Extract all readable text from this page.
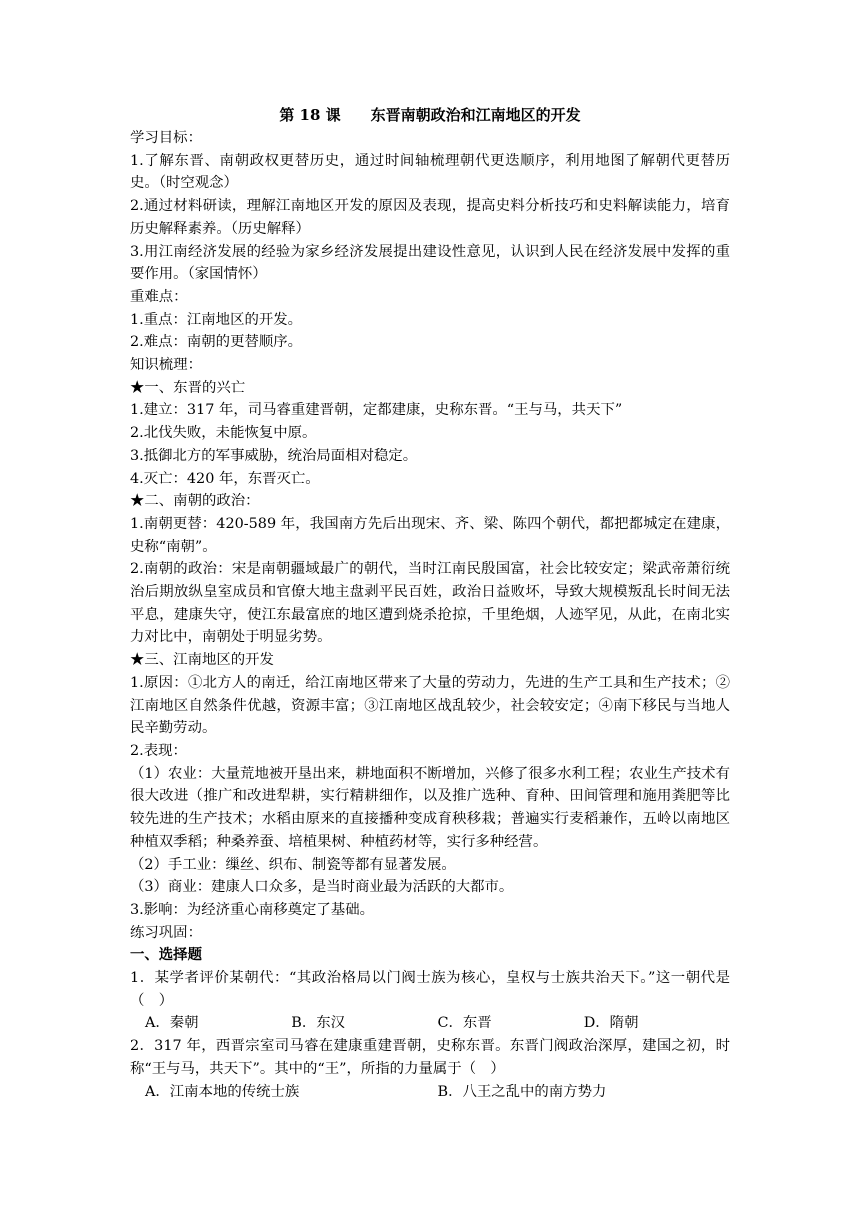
第 18 课　　东晋南朝政治和江南地区的开发

学习目标：

1.了解东晋、南朝政权更替历史，通过时间轴梳理朝代更迭顺序，利用地图了解朝代更替历史。（时空观念）

2.通过材料研读，理解江南地区开发的原因及表现，提高史料分析技巧和史料解读能力，培育历史解释素养。（历史解释）

3.用江南经济发展的经验为家乡经济发展提出建设性意见，认识到人民在经济发展中发挥的重要作用。（家国情怀）

重难点：

1.重点：江南地区的开发。

2.难点：南朝的更替顺序。

知识梳理：

★一、东晋的兴亡

1.建立：317 年，司马睿重建晋朝，定都建康，史称东晋。“王与马，共天下”

2.北伐失败，未能恢复中原。

3.抵御北方的军事威胁，统治局面相对稳定。

4.灭亡：420 年，东晋灭亡。

★二、南朝的政治：

1.南朝更替：420-589 年，我国南方先后出现宋、齐、梁、陈四个朝代，都把都城定在建康，史称“南朝”。

2.南朝的政治：宋是南朝疆域最广的朝代，当时江南民殷国富，社会比较安定；梁武帝萧衍统治后期放纵皇室成员和官僚大地主盘剥平民百姓，政治日益败坏，导致大规模叛乱长时间无法平息，建康失守，使江东最富庶的地区遭到烧杀抢掠，千里绝烟，人迹罕见，从此，在南北实力对比中，南朝处于明显劣势。

★三、江南地区的开发

1.原因：①北方人的南迁，给江南地区带来了大量的劳动力，先进的生产工具和生产技术；②江南地区自然条件优越，资源丰富；③江南地区战乱较少，社会较安定；④南下移民与当地人民辛勤劳动。

2.表现：

（1）农业：大量荒地被开垦出来，耕地面积不断增加，兴修了很多水利工程；农业生产技术有很大改进（推广和改进犁耕，实行精耕细作，以及推广选种、育种、田间管理和施用粪肥等比较先进的生产技术；水稻由原来的直接播种变成育秧移栽；普遍实行麦稻兼作，五岭以南地区种植双季稻；种桑养蚕、培植果树、种植药材等，实行多种经营。

（2）手工业：缫丝、织布、制瓷等都有显著发展。

（3）商业：建康人口众多，是当时商业最为活跃的大都市。

3.影响：为经济重心南移奠定了基础。

练习巩固：

一、选择题

1．某学者评价某朝代：“其政治格局以门阀士族为核心，皇权与士族共治天下。”这一朝代是（　）

A．秦朝	B．东汉	C．东晋	D．隋朝

2．317 年，西晋宗室司马睿在建康重建晋朝，史称东晋。东晋门阀政治深厚，建国之初，时称“王与马，共天下”。其中的“王”，所指的力量属于（　）

A．江南本地的传统士族	B．八王之乱中的南方势力
